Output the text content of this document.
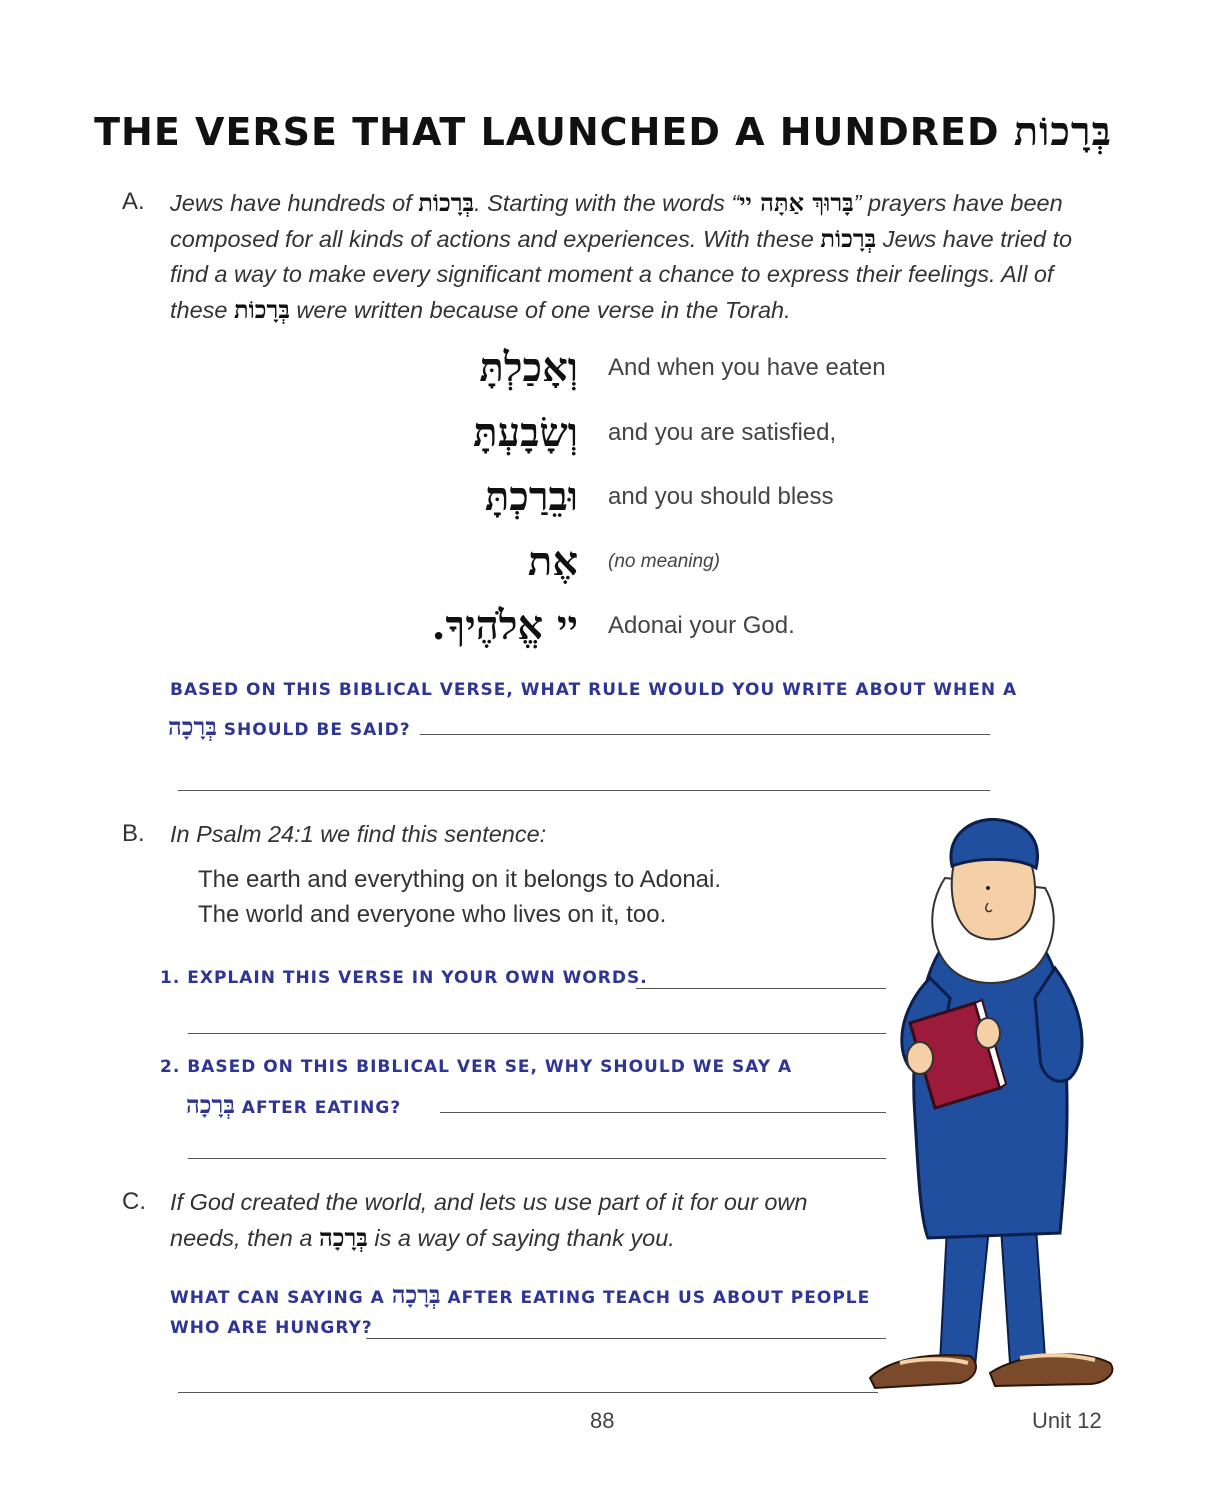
THE VERSE THAT LAUNCHED A HUNDRED בְּרָכוֹת
A. Jews have hundreds of בְּרָכוֹת. Starting with the words “בָּרוּךְ אַתָּה יי” prayers have been composed for all kinds of actions and experiences. With these בְּרָכוֹת Jews have tried to find a way to make every significant moment a chance to express their feelings. All of these בְּרָכוֹת were written because of one verse in the Torah.
וְאָכַלְתָּ And when you have eaten
וְשָׂבָעְתָּ and you are satisfied,
וּבֵרַכְתָּ and you should bless
אֶת (no meaning)
יי אֱלֹהֶיךָ. Adonai your God.
BASED ON THIS BIBLICAL VERSE, WHAT RULE WOULD YOU WRITE ABOUT WHEN A
בְּרָכָה SHOULD BE SAID?
B. In Psalm 24:1 we find this sentence:
The earth and everything on it belongs to Adonai.
The world and everyone who lives on it, too.
1. EXPLAIN THIS VERSE IN YOUR OWN WORDS.
2. BASED ON THIS BIBLICAL VER SE, WHY SHOULD WE SAY A
בְּרָכָה AFTER EATING?
C. If God created the world, and lets us use part of it for our own needs, then a בְּרָכָה is a way of saying thank you.
WHAT CAN SAYING A בְּרָכָה AFTER EATING TEACH US ABOUT PEOPLE
WHO ARE HUNGRY?
88	Unit 12
